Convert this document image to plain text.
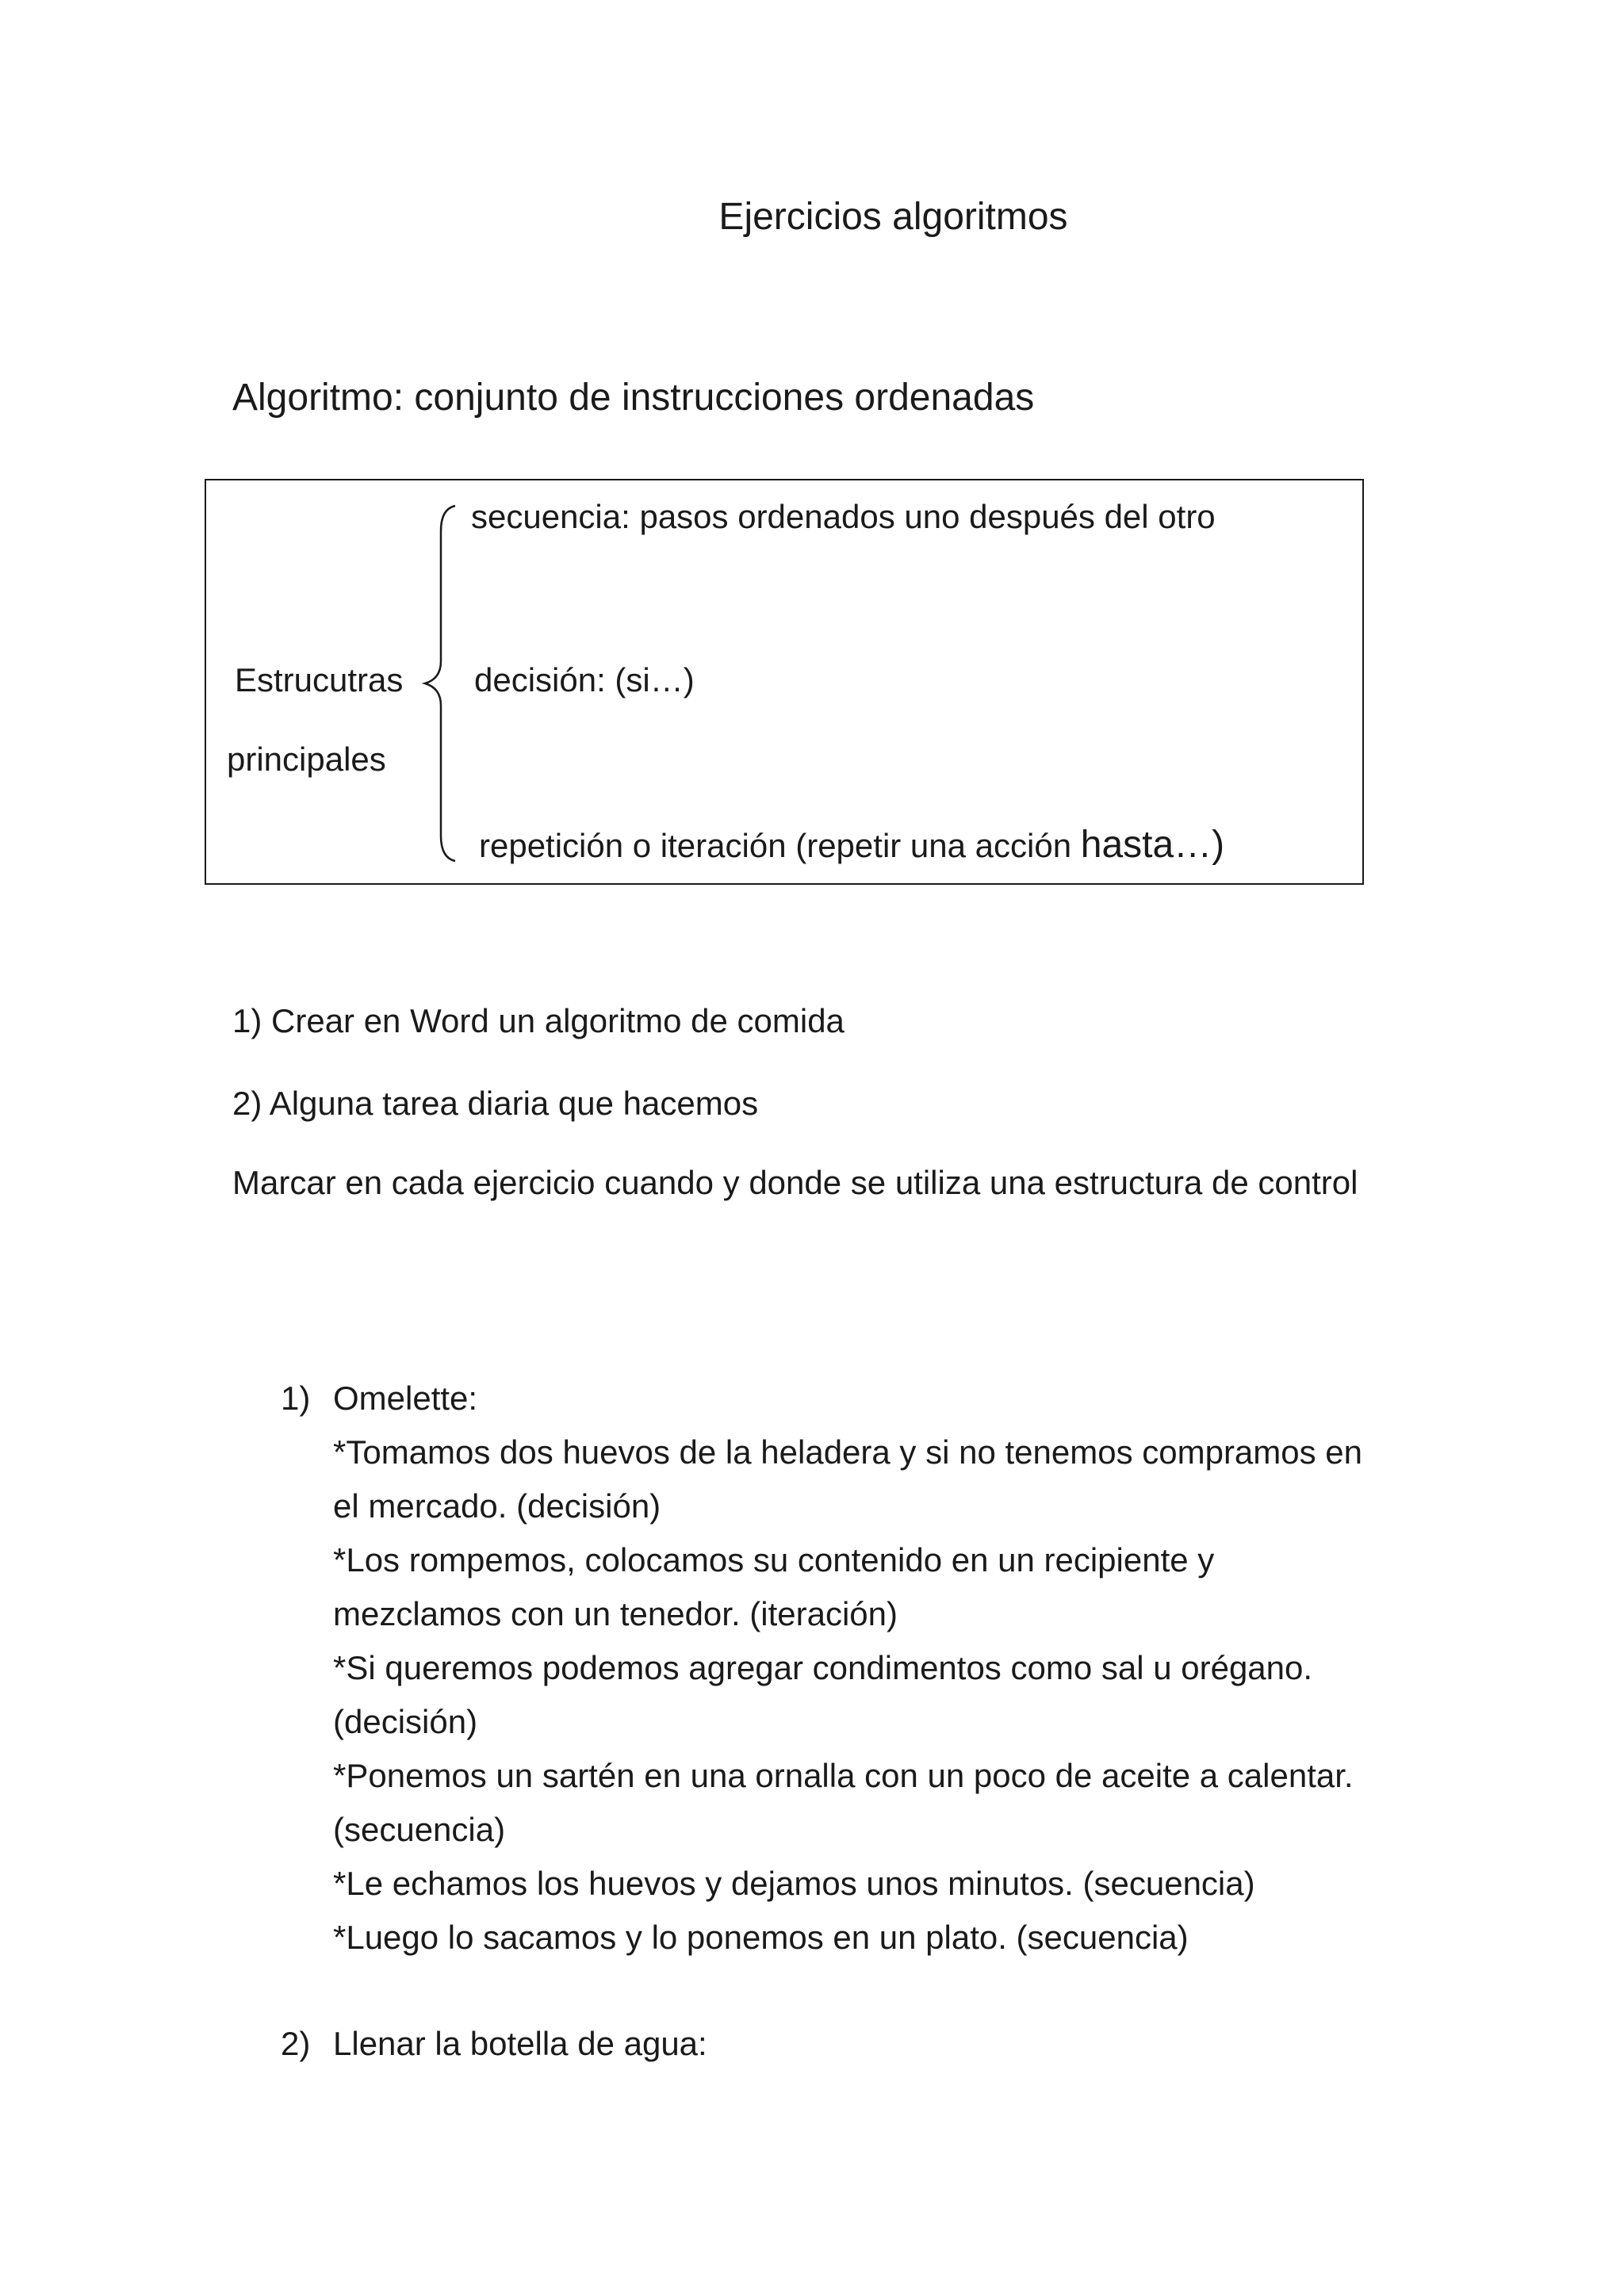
Ejercicios algoritmos
Algoritmo: conjunto de instrucciones ordenadas
Estrucutras
principales
secuencia: pasos ordenados uno después del otro
decisión: (si…)
repetición o iteración (repetir una acción hasta…)

1) Crear en Word un algoritmo de comida

2) Alguna tarea diaria que hacemos

Marcar en cada ejercicio cuando y donde se utiliza una estructura de control

1) Omelette:
*Tomamos dos huevos de la heladera y si no tenemos compramos en el mercado. (decisión)
*Los rompemos, colocamos su contenido en un recipiente y mezclamos con un tenedor. (iteración)
*Si queremos podemos agregar condimentos como sal u orégano. (decisión)
*Ponemos un sartén en una ornalla con un poco de aceite a calentar. (secuencia)
*Le echamos los huevos y dejamos unos minutos. (secuencia)
*Luego lo sacamos y lo ponemos en un plato. (secuencia)
2) Llenar la botella de agua:
